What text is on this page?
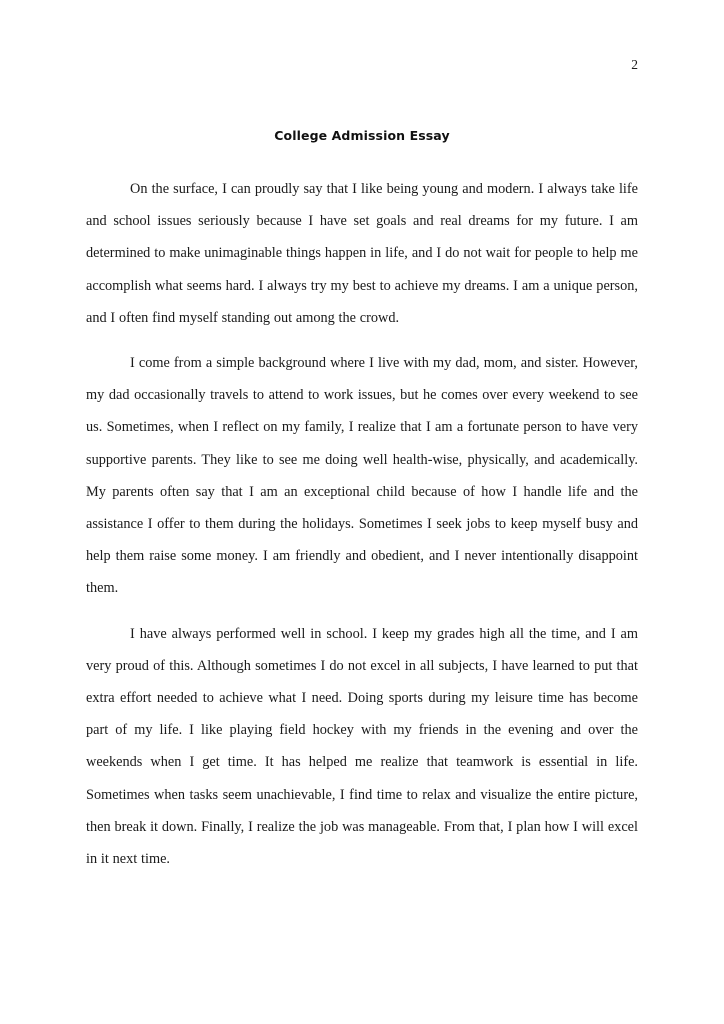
2
College Admission Essay

On the surface, I can proudly say that I like being young and modern. I always take life and school issues seriously because I have set goals and real dreams for my future. I am determined to make unimaginable things happen in life, and I do not wait for people to help me accomplish what seems hard. I always try my best to achieve my dreams. I am a unique person, and I often find myself standing out among the crowd.

I come from a simple background where I live with my dad, mom, and sister. However, my dad occasionally travels to attend to work issues, but he comes over every weekend to see us. Sometimes, when I reflect on my family, I realize that I am a fortunate person to have very supportive parents. They like to see me doing well health-wise, physically, and academically. My parents often say that I am an exceptional child because of how I handle life and the assistance I offer to them during the holidays. Sometimes I seek jobs to keep myself busy and help them raise some money. I am friendly and obedient, and I never intentionally disappoint them.

I have always performed well in school. I keep my grades high all the time, and I am very proud of this. Although sometimes I do not excel in all subjects, I have learned to put that extra effort needed to achieve what I need. Doing sports during my leisure time has become part of my life. I like playing field hockey with my friends in the evening and over the weekends when I get time. It has helped me realize that teamwork is essential in life. Sometimes when tasks seem unachievable, I find time to relax and visualize the entire picture, then break it down. Finally, I realize the job was manageable. From that, I plan how I will excel in it next time.
